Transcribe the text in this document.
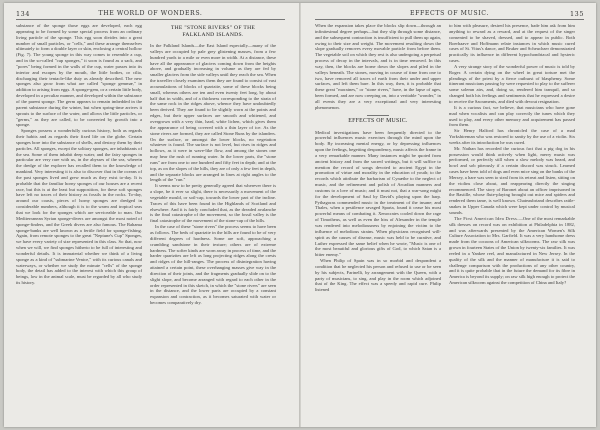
134	THE WORLD OF WONDERS.

substance of the sponge those eggs are developed, each egg appearing to be formed by some special process from an ordinary living particle of the sponge. This egg soon divides into a great number of small particles, or "cells," and these arrange themselves ultimately to form a double layer or skin, enclosing a central hollow (Fig. 7). The young sponge in this way comes to resemble a cup, and in the so-called "cup sponges," it soon is found as a sack, and "pores" being formed in the walls of the cup, water passes into its interior and escapes by the mouth, the little bodies, or cilia, discharging their tentacle-like duty as already described. The new sponges also grow from what are called "sponge gemmæ," in addition to arising from eggs. A sponge-gem, or a certain little body, developed in a peculiar manner, and developed within the substance of the parent sponge. The germ appears to remain imbedded in the parent substance during the winter, but when spring-time arrives it sprouts to the surface of the water, and allows the little particles, or "germs," as they are called, to be converted by growth into a sponge.

Sponges possess a wonderfully curious history, both as regards their habits and as regards their fixed life on the globe. Certain sponges bore into the substance of shells, and destroy them by their particles. All sponges, except the solitary sponges, are inhabitants of the sea. Some of them inhabit deep water, and the fairy sponges in particular are very rare with us, in the abysses of the sea, wherein the dredge of the explorer has recalled them to the knowledge of mankind. Very interesting it is also to discover that in the oceans of the past sponges lived and grew much as they exist to-day. It is probable that the familiar horny sponges of our houses are a recent race, but this is at the least but supposition, for these soft sponges have left no traces of their history as fossils in the rocks. To-day, around our coasts, pieces of horny sponges are dredged in considerable numbers, although it is to the warm and tropical seas that we look for the sponges which are serviceable to man. Our Mediterranean Syrian sponge-divers are amongst the most noted of sponge-finders, and the Greek divers are also famous. The Bahama sponge-banks are well known as a fertile field for sponge-fishing. Again, from remote sponges to the great "Neptune's Cup" Sponges, we have every variety of size represented in this class. So that, now when we will, we find sponges hitherto to be full of interesting and wonderful details. It is immaterial whether we think of a living sponge as a kind of "submarine Venice," with its curious canals and waterways, or whether we study the minute "cells" of the sponge body, the detail has added to the interest with which this group of beings, low in the animal scale, must be regarded by all who study its history.

THE "STONE RIVERS" OF THE
FALKLAND ISLANDS.

In the Falkland Islands—the East Island especially—many of the valleys are occupied by pale grey glistening masses, from a few hundred yards to a mile or even more in width. At a distance, these have all the appearance of glaciers coming down from the heights above, and gradually increasing in volume as they are fed by smaller glaciers from the side valleys until they reach the sea. When the traveller closely examines them they are found to consist of vast accumulations of blocks of quartzite, some of these blocks being small, whereas others are ten and even twenty feet long, by about half that in width, and of a thickness corresponding to the strata of the same rock in the ridges above, whence they have undoubtedly been derived. They are found to lie slightly worn at the points and edges, but their upper surfaces are smooth and whitened, and overgrown with a very thin, hard, white lichen, which gives them the appearance of being covered with a thin layer of ice. As the stone rivers are formed, they are called Stone Runs by the islanders. On the surface, or amongst the lower blocks, no vegetation whatever is found. The surface is not level, but rises in ridges and hollows, as it were in wave-like flow, and among the stones one may hear the rush of running water. In the lower parts, the "stone runs" are from one to one hundred and fifty feet in depth; and at the top, as on the slopes of the hills, they are of only a few feet in depth, and the separate blocks are arranged in lines at right angles to the length of the "run."

It seems now to be pretty generally agreed that wherever there is a slope, be it ever so slight, there is necessarily a movement of the vegetable mould, or soil-cap, towards the lower part of the incline. Traces of this have been found in the Highlands of Scotland and elsewhere. And it is fairly concluded that, as the dreaded avalanche is the final catastrophe of the movement, so the fossil valley is the final catastrophe of the movement of the stone-cap of the hills.

In the case of these "stone rivers" the process seems to have been as follows. The beds of quartzite in the hills are found to be of very different degrees of hardness. Some are soft, approaching a crumbling sandstone in their texture; others are of extreme hardness. The softer kinds are worn away in process of time, and the harder quartzites are left as long projecting ridges along the crests and ridges of the hill-ranges. The process of disintegration having attained a certain point, these overhanging masses give way in the direction of their joints, and the fragments gradually slide on to the slight slope, and become arranged with regard to each other in the order represented in this sketch, in which the "stone rivers" are seen in the distance, and the lower parts are occupied by a constant expansion and contraction, as it becomes saturated with water or becomes comparatively dry.

EFFECTS OF MUSIC.	135

When the expansion takes place the blocks slip down—through an infinitesimal degree perhaps—but they slip through some distance, and the subsequent contraction is insufficient to pull them up again, owing to their size and weight. The movement resulting down the slope gradually removes every movable particle from before them. The vegetable soil on which they rest is also undergoing a perpetual process of decay in the intervals, and is in time removed. In this way, then, the blocks are borne down the slopes and piled in the valleys beneath. The stones, moving in course of time from one to two, have removed all traces of earth from their under and upper surfaces, and left them bare. In this way, then, it is probable that these great "moraines," or "stone rivers," have, in the lapse of ages, been formed, and are now creeping on, into a veritable "wonder," in all events they are a very exceptional and very interesting phenomenon.

EFFECTS OF MUSIC.

Medical investigations have been frequently directed to the powerful influences music exercises through the mind upon the body. By increasing mental energy, or by depressing influences upon the feelings, begetting despondency, music affects the frame in a very remarkable manner. Many instances might be quoted from ancient history and from the sacred writings, but it will suffice to mention the record of songs devoted to ancient Egypt in the promotion of virtue and morality in the education of youth; to the records which attribute the barbarism of Cynæthe to the neglect of music, and the refinement and polish of Arcadian manners and customs to a love of music; and it must not, that a war-song might for the development of Saul by David's playing upon the harp. Pythagoras commended music in the treatment of the insane; and Thales, when a pestilence ravaged Sparta, found it cease his most powerful means of combating it. Xenocrates cooled down the rage of Timotheus, as well as even the hiss of Alexander in the temple was rendered into melodiousness by enjoining the victim to the influence of melodious strains. When physicians recognised will-spirit as the causes of disease, music was held to be curative, and Luther expressed the same belief when he wrote, "Music is one of the most beautiful and glorious gifts of God, to which Satan is a bitter enemy."

When Philip of Spain was in so morbid and despondent a condition that he neglected his person and refused to use or be seen by his subjects, Farinelli, by arrangement with the Queen, with a party of musicians, to sing, and play in the room which adjoined that of the King. The effect was a speedy and rapid cure. Philip listened

to him with pleasure, desired his presence, bade him ask from him anything to reward as a reward, and at the request of the singer consented to be shaved, dressed, and to appear in public. Both Boerhaave and Hoffmann relate instances in which music cured cases of St. Vitus's dance, and Bruker and Scheuchzer demonstrated practically its influence in different hypochondriacal and hysteric cases.

A very strange story of the wonderful power of music is told by Roger. A certain dying on the wheel in great torture met the pleadings of the priest by a fierce outburst of blasphemy. Some itinerant musicians passing by were requested to play to the sufferer some solemn airs, and, doing so, rendered him tranquil, and so changed both his feelings and sentiments that he expressed a desire to receive the Sacraments, and died with devout resignation.

It is a curious fact, we believe, that musicians who have gone mad when vocalists and can play correctly the tunes which they used to play, and every other memory and acquirement has passed from them.

Sir Henry Halford has chronicled the case of a mad Yorkshireman who was restored to sanity by the use of a violin. Six weeks after its introduction he was cured.

Mr. Nathan has recorded the curious fact that a pig dog in his possession would think actively when light, merry music was performed, or perfectly still when a slow melody was heard, and howl and sob piteously if a certain discord was struck. Learned cases have been told of dogs and even mice sing on the banks of the Mersey, a hare was seen to steal from its retreat and listen, sitting on the violins close about, and reappearing directly the singing recommenced. The story of Baronet about an officer imprisoned in the Bastille, whose flute-playing brought out mice and spiders and rendered them tame, is well known. Chateaubriand describes rattle-snakes in Upper Canada which were kept under control by musical sounds.

The First American Idea Dress.—One of the most remarkable silk dresses on record was on exhibition at Philadelphia in 1882, and was afterwards presented by the American Women's Silk Culture Association to Mrs. Garfield. It was a very handsome dress made from the cocoons of American silkworms. The raw silk was grown in fourteen States of the Union by twenty-six families. It was reeled in a Yankee reel, and manufactured in New Jersey. In the quality of the silk and the manner of manufacture it is said to challenge comparison with the productions of any other country, and it is quite probable that in the future the demand for its fibre in America is beyond its supply; on raw silk high enough to protect the American silkworm against the competition of China and Italy?
